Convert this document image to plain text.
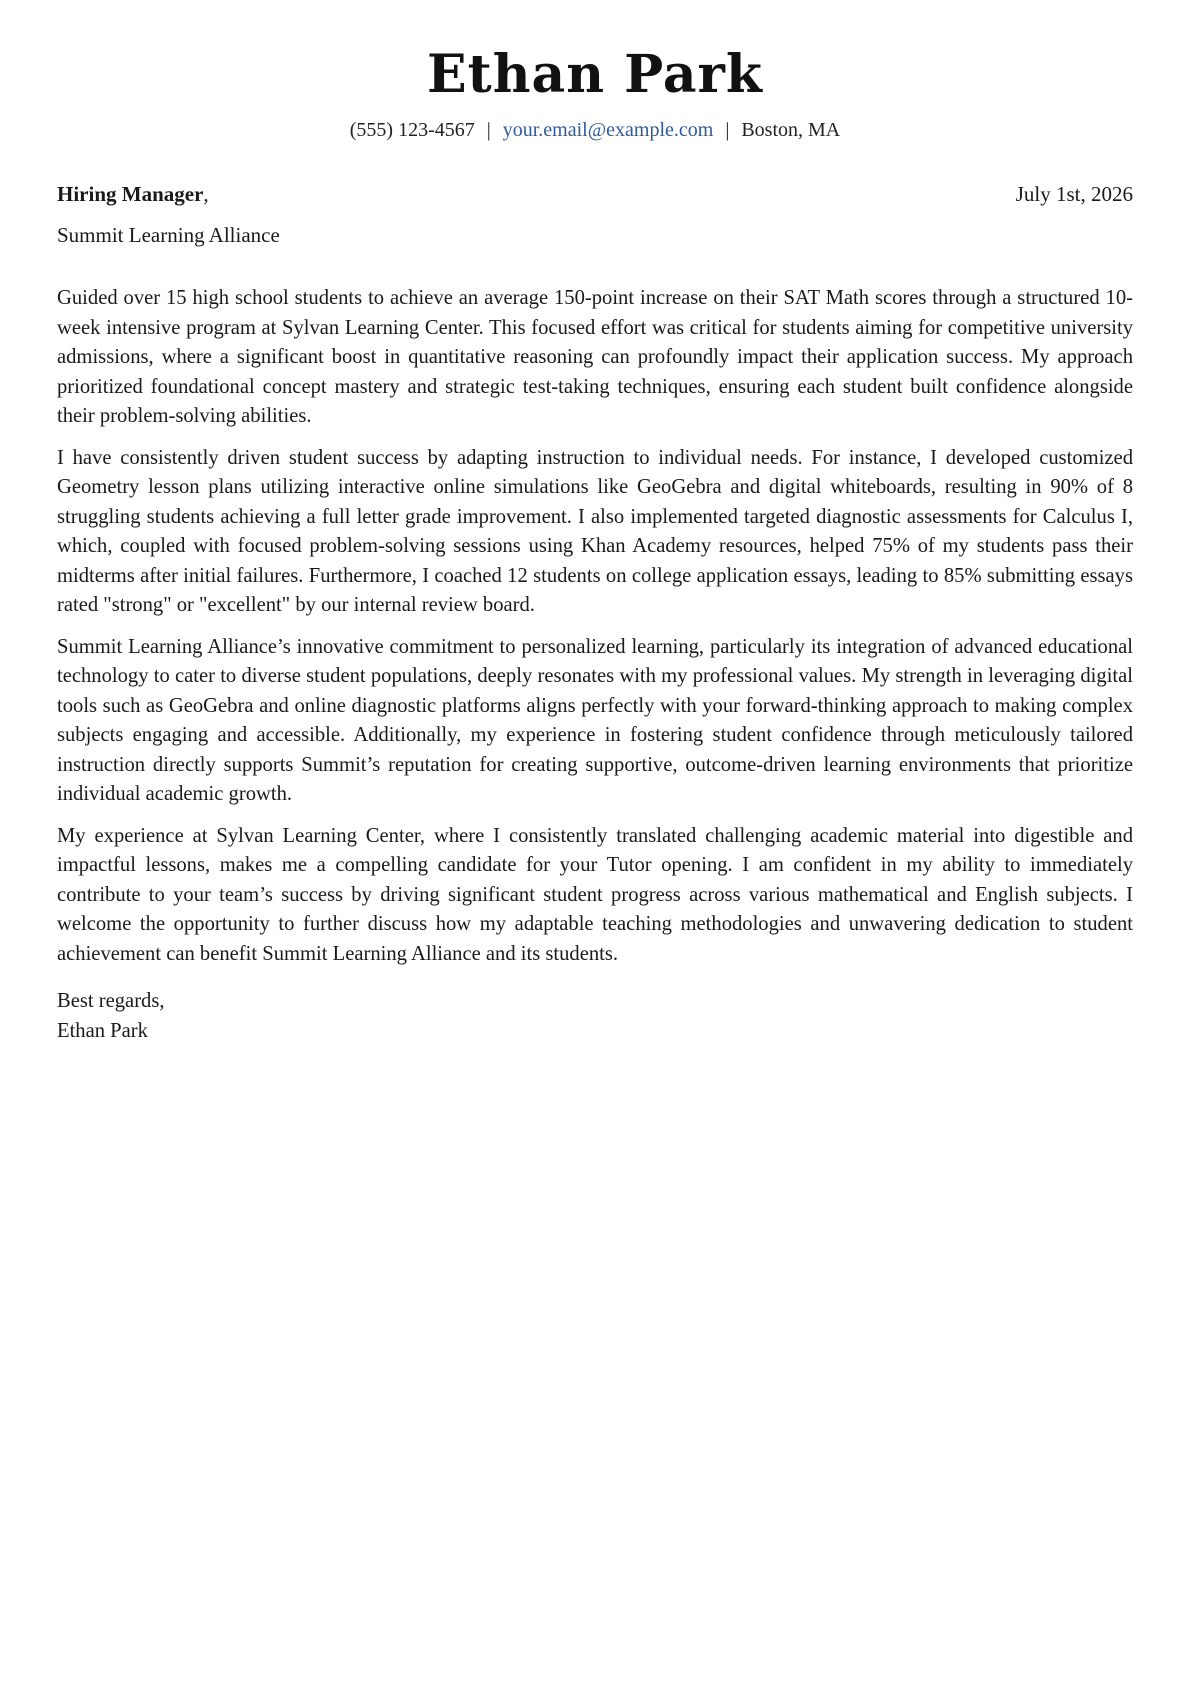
Ethan Park
(555) 123-4567 | your.email@example.com | Boston, MA
Hiring Manager,	July 1st, 2026
Summit Learning Alliance

Guided over 15 high school students to achieve an average 150-point increase on their SAT Math scores through a structured 10-week intensive program at Sylvan Learning Center. This focused effort was critical for students aiming for competitive university admissions, where a significant boost in quantitative reasoning can profoundly impact their application success. My approach prioritized foundational concept mastery and strategic test-taking techniques, ensuring each student built confidence alongside their problem-solving abilities.

I have consistently driven student success by adapting instruction to individual needs. For instance, I developed customized Geometry lesson plans utilizing interactive online simulations like GeoGebra and digital whiteboards, resulting in 90% of 8 struggling students achieving a full letter grade improvement. I also implemented targeted diagnostic assessments for Calculus I, which, coupled with focused problem-solving sessions using Khan Academy resources, helped 75% of my students pass their midterms after initial failures. Furthermore, I coached 12 students on college application essays, leading to 85% submitting essays rated "strong" or "excellent" by our internal review board.

Summit Learning Alliance’s innovative commitment to personalized learning, particularly its integration of advanced educational technology to cater to diverse student populations, deeply resonates with my professional values. My strength in leveraging digital tools such as GeoGebra and online diagnostic platforms aligns perfectly with your forward-thinking approach to making complex subjects engaging and accessible. Additionally, my experience in fostering student confidence through meticulously tailored instruction directly supports Summit’s reputation for creating supportive, outcome-driven learning environments that prioritize individual academic growth.

My experience at Sylvan Learning Center, where I consistently translated challenging academic material into digestible and impactful lessons, makes me a compelling candidate for your Tutor opening. I am confident in my ability to immediately contribute to your team’s success by driving significant student progress across various mathematical and English subjects. I welcome the opportunity to further discuss how my adaptable teaching methodologies and unwavering dedication to student achievement can benefit Summit Learning Alliance and its students.

Best regards,
Ethan Park
